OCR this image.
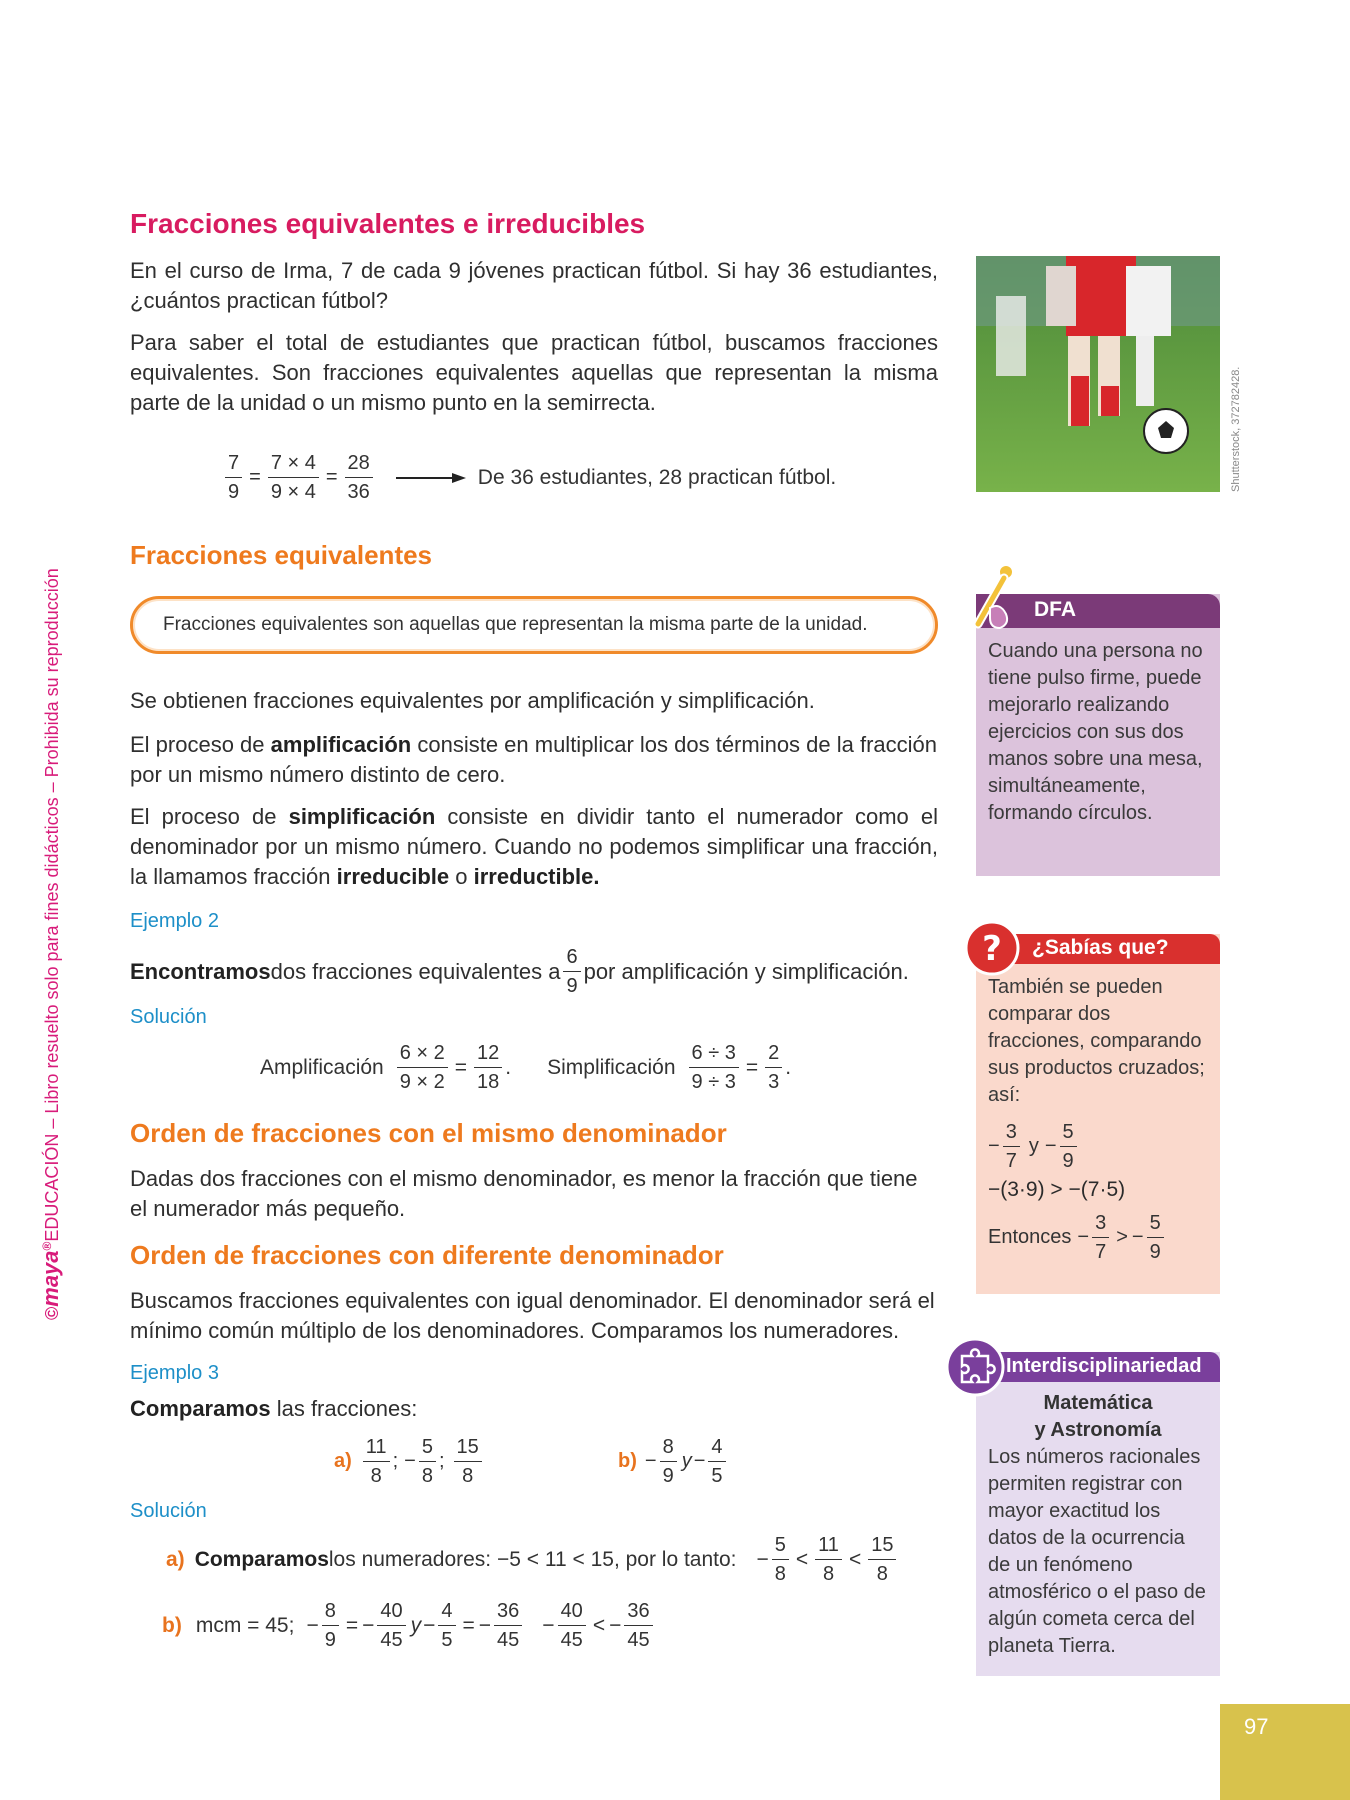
©maya®EDUCACIÓN – Libro resuelto solo para fines didácticos – Prohibida su reproducción
Fracciones equivalentes e irreducibles
En el curso de Irma, 7 de cada 9 jóvenes practican fútbol. Si hay 36 estudiantes, ¿cuántos practican fútbol?
Para saber el total de estudiantes que practican fútbol, buscamos fracciones equivalentes. Son fracciones equivalentes aquellas que representan la misma parte de la unidad o un mismo punto en la semirrecta.
$\frac{7}{9} = \frac{7 \times 4}{9 \times 4} = \frac{28}{36}$	De 36 estudiantes, 28 practican fútbol.	Shutterstock, 372782428.
Fracciones equivalentes
Fracciones equivalentes son aquellas que representan la misma parte de la unidad.
Se obtienen fracciones equivalentes por amplificación y simplificación.
El proceso de amplificación consiste en multiplicar los dos términos de la fracción por un mismo número distinto de cero.
El proceso de simplificación consiste en dividir tanto el numerador como el denominador por un mismo número. Cuando no podemos simplificar una fracción, la llamamos fracción irreducible o irreductible.
Ejemplo 2
Encontramos dos fracciones equivalentes a $\frac{6}{9}$ por amplificación y simplificación.
Solución
Amplificación $\frac{6 \times 2}{9 \times 2} = \frac{12}{18}$ . Simplificación $\frac{6 \div 3}{9 \div 3} = \frac{2}{3}$ .
Orden de fracciones con el mismo denominador
Dadas dos fracciones con el mismo denominador, es menor la fracción que tiene el numerador más pequeño.
Orden de fracciones con diferente denominador
Buscamos fracciones equivalentes con igual denominador. El denominador será el mínimo común múltiplo de los denominadores. Comparamos los numeradores.
Ejemplo 3
Comparamos las fracciones:
$a) \frac{11}{8}$ ; − $\frac{5}{8}$ ; $\frac{15}{8}$	$b) - \frac{8}{9}$ $y - \frac{4}{5}$
Solución
a) Comparamos los numeradores: −5 < 11 < 15, por lo tanto: − $\frac{5}{8} < \frac{11}{8} < \frac{15}{8}$
b) mcm = 45; − $\frac{8}{9}$ = − $\frac{40}{45}$ $y - \frac{4}{5}$ = − $\frac{36}{45} - \frac{40}{45}$ < − $\frac{36}{45}$
DFA
Cuando una persona no tiene pulso firme, puede mejorarlo realizando ejercicios con sus dos manos sobre una mesa, simultáneamente, formando círculos.
¿Sabías que?
También se pueden comparar dos fracciones, comparando sus productos cruzados; así:
− $\frac{3}{7}$ $y - \frac{5}{9}$
−(3·9) > −(7·5)
Entonces − $\frac{3}{7}$ > − $\frac{5}{9}$
?
Interdisciplinariedad
Matemática
y Astronomía
Los números racionales permiten registrar con mayor exactitud los datos de la ocurrencia de un fenómeno atmosférico o el paso de algún cometa cerca del planeta Tierra.
97
